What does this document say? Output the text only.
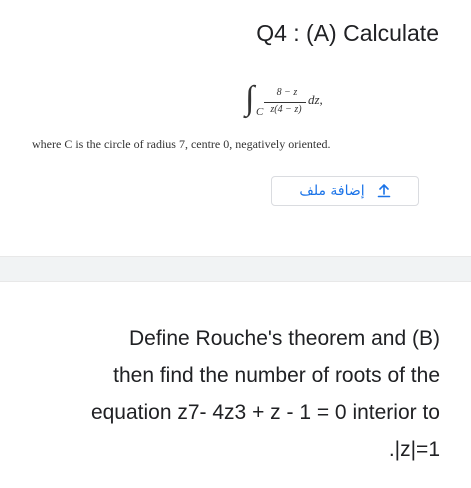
Q4 : (A) Calculate
∫ C
8 − z
z(4 − z)
dz,
where C is the circle of radius 7, centre 0, negatively oriented.
إضافة ملف
Define Rouche's theorem and (B)
then find the number of roots of the
equation z7- 4z3 + z - 1 = 0 interior to
.|z|=1
